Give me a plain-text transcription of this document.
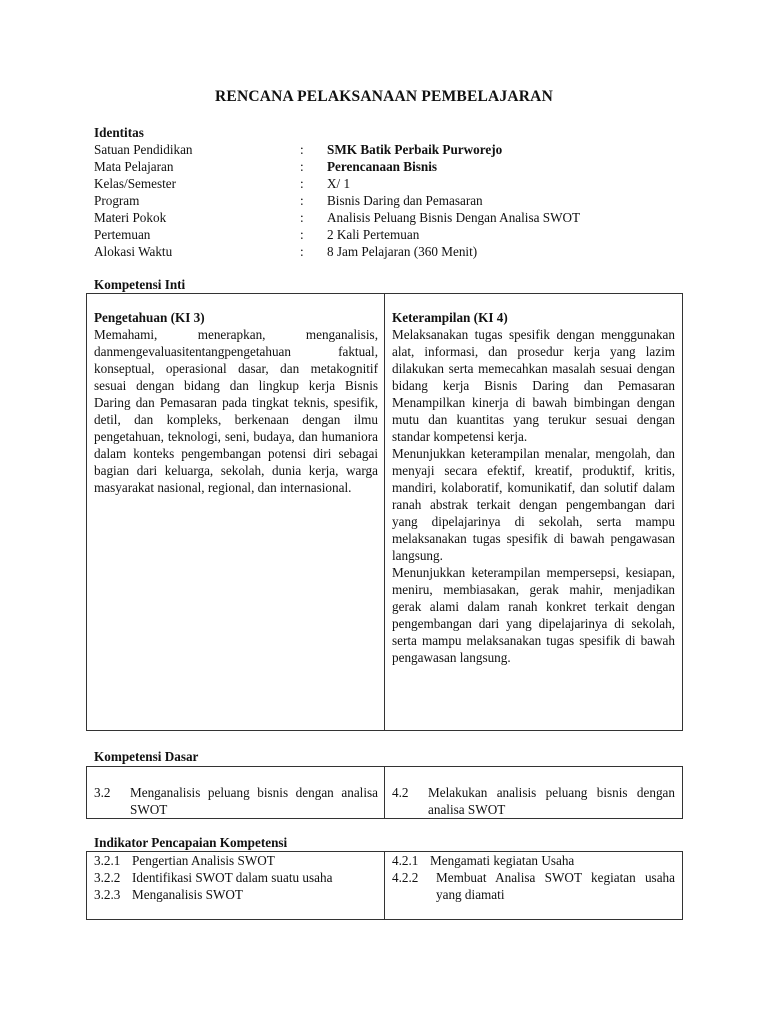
RENCANA PELAKSANAAN PEMBELAJARAN
Identitas
Satuan Pendidikan	:	SMK Batik Perbaik Purworejo
Mata Pelajaran	:	Perencanaan Bisnis
Kelas/Semester	:	X/ 1
Program	:	Bisnis Daring dan Pemasaran
Materi Pokok	:	Analisis Peluang Bisnis Dengan Analisa SWOT
Pertemuan	:	2 Kali Pertemuan
Alokasi Waktu	:	8 Jam Pelajaran (360 Menit)
Kompetensi Inti
Pengetahuan (KI 3)
Memahami, menerapkan, menganalisis, danmengevaluasitentangpengetahuan faktual, konseptual, operasional dasar, dan metakognitif sesuai dengan bidang dan lingkup kerja Bisnis Daring dan Pemasaran pada tingkat teknis, spesifik, detil, dan kompleks, berkenaan dengan ilmu pengetahuan, teknologi, seni, budaya, dan humaniora dalam konteks pengembangan potensi diri sebagai bagian dari keluarga, sekolah, dunia kerja, warga masyarakat nasional, regional, dan internasional.
Keterampilan (KI 4)

Melaksanakan tugas spesifik dengan menggunakan alat, informasi, dan prosedur kerja yang lazim dilakukan serta memecahkan masalah sesuai dengan bidang kerja Bisnis Daring dan Pemasaran Menampilkan kinerja di bawah bimbingan dengan mutu dan kuantitas yang terukur sesuai dengan standar kompetensi kerja.

Menunjukkan keterampilan menalar, mengolah, dan menyaji secara efektif, kreatif, produktif, kritis, mandiri, kolaboratif, komunikatif, dan solutif dalam ranah abstrak terkait dengan pengembangan dari yang dipelajarinya di sekolah, serta mampu melaksanakan tugas spesifik di bawah pengawasan langsung.

Menunjukkan keterampilan mempersepsi, kesiapan, meniru, membiasakan, gerak mahir, menjadikan gerak alami dalam ranah konkret terkait dengan pengembangan dari yang dipelajarinya di sekolah, serta mampu melaksanakan tugas spesifik di bawah pengawasan langsung.

Kompetensi Dasar
3.2	Menganalisis peluang bisnis dengan analisa SWOT
4.2	Melakukan analisis peluang bisnis dengan analisa SWOT
Indikator Pencapaian Kompetensi
3.2.1 Pengertian Analisis SWOT
3.2.2 Identifikasi SWOT dalam suatu usaha
3.2.3 Menganalisis SWOT
4.2.1 Mengamati kegiatan Usaha
4.2.2	Membuat Analisa SWOT kegiatan usaha yang diamati
